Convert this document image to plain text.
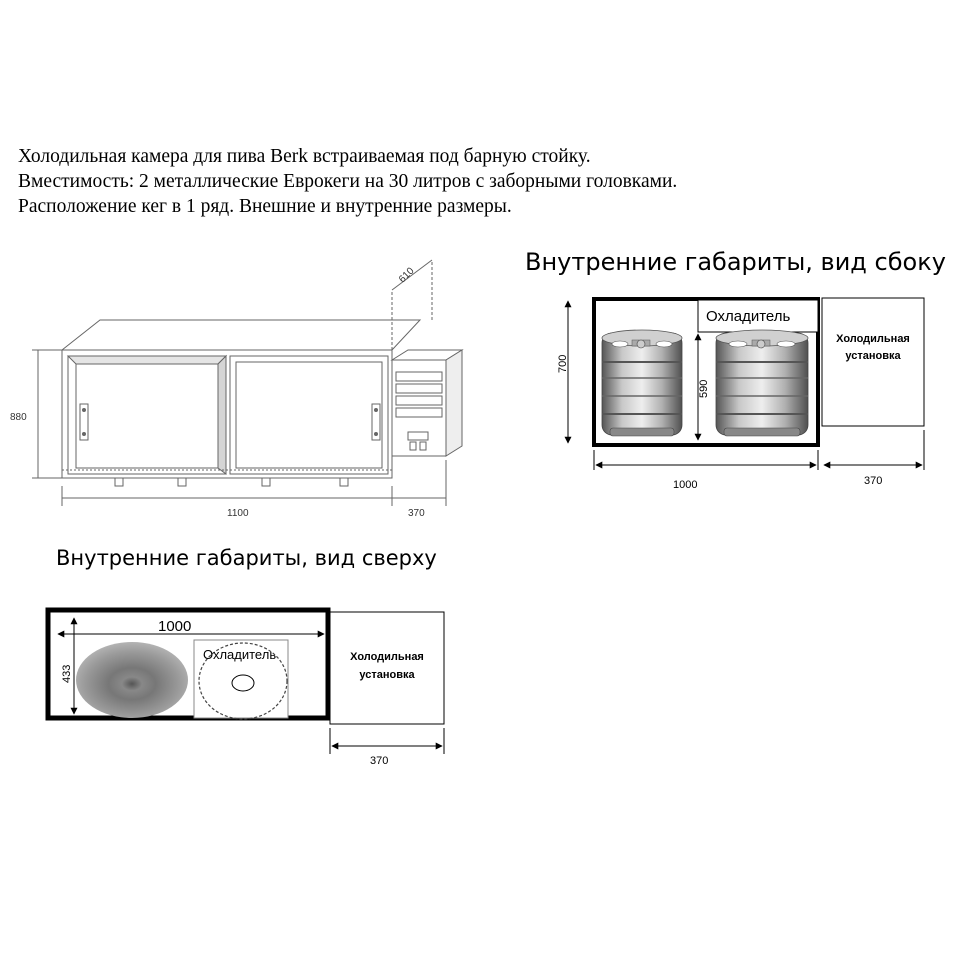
Холодильная камера для пива Berk встраиваемая под барную стойку.

Вместимость: 2 металлические Еврокеги на 30 литров с заборными головками.

Расположение кег в 1 ряд. Внешние и внутренние размеры.

Внутренние габариты, вид сбоку
Внутренние габариты, вид сверху
880
1100	370
610
700
590
1000	370
Охладитель
Холодильная
установка
1000
433
370
Охладитель	Холодильная
установка
